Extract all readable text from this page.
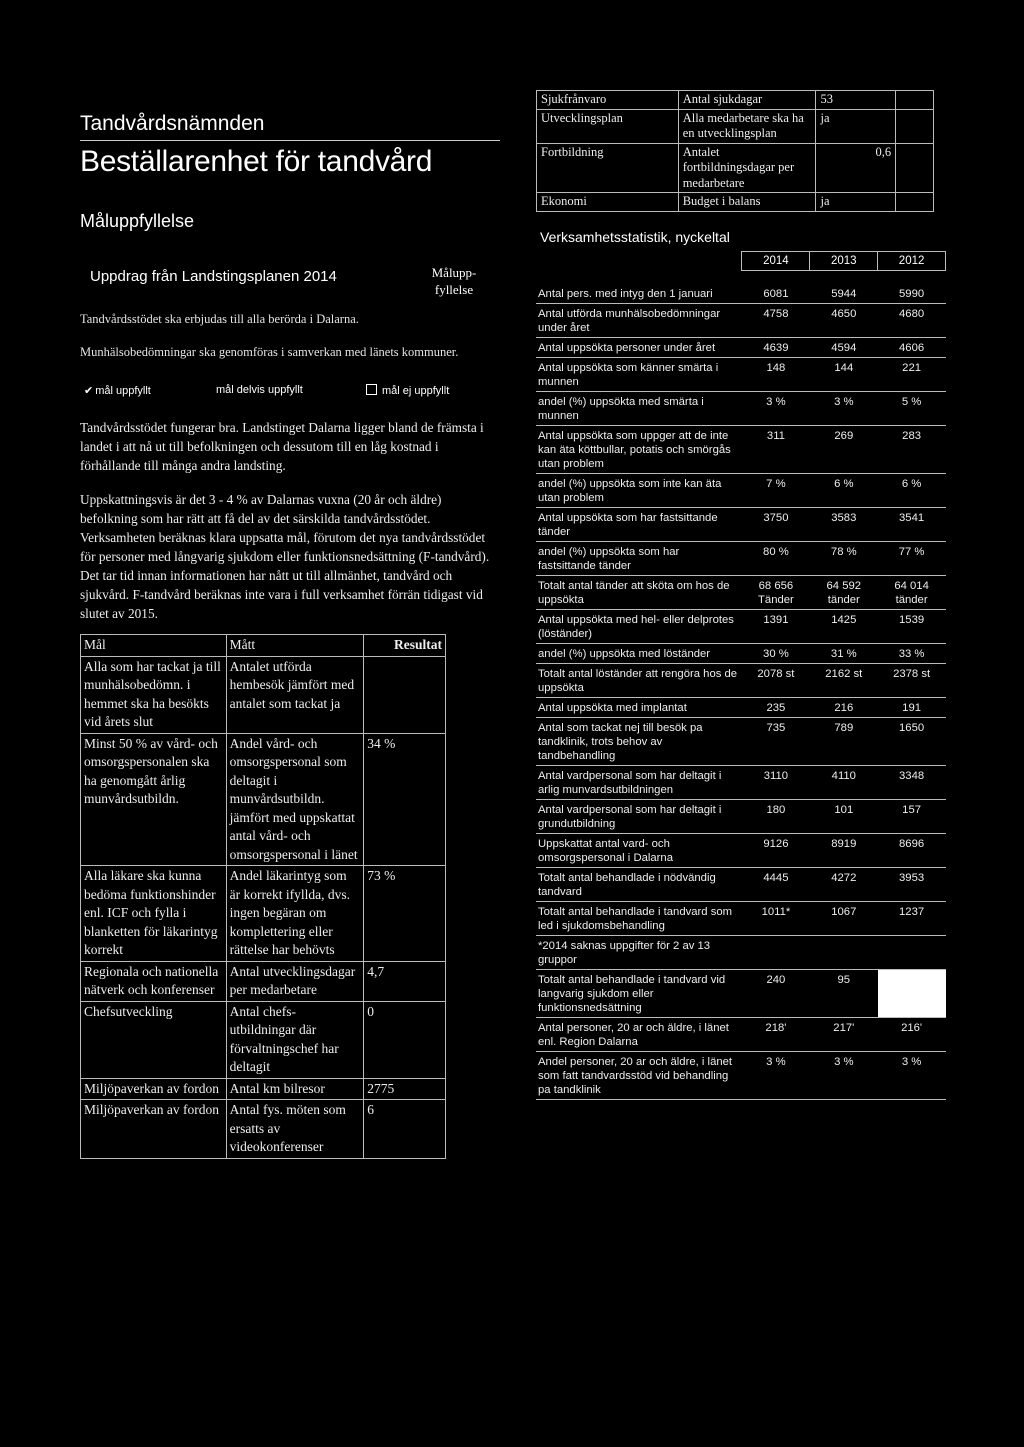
Tandvårdsnämnden
Beställarenhet för tandvård
Måluppfyllelse
Uppdrag från Landstingsplanen 2014	Målupp-
fyllelse

Tandvårdsstödet ska erbjudas till alla berörda i Dalarna.

Munhälsobedömningar ska genomföras i samverkan med länets kommuner.

✔ mål uppfyllt	mål delvis uppfyllt	mål ej uppfyllt

Tandvårdsstödet fungerar bra. Landstinget Dalarna ligger bland de främsta i landet i att nå ut till befolkningen och dessutom till en låg kostnad i förhållande till många andra landsting.

Uppskattningsvis är det 3 - 4 % av Dalarnas vuxna (20 år och äldre) befolkning som har rätt att få del av det särskilda tandvårdsstödet. Verksamheten beräknas klara uppsatta mål, förutom det nya tandvårdsstödet för personer med långvarig sjukdom eller funktionsnedsättning (F-tandvård). Det tar tid innan informationen har nått ut till allmänhet, tandvård och sjukvård. F-tandvård beräknas inte vara i full verksamhet förrän tidigast vid slutet av 2015.

Mål	Mått	Resultat
Alla som har tackat ja till munhälsobedömn. i hemmet ska ha besökts vid årets slut	Antalet utförda hembesök jämfört med antalet som tackat ja	
Minst 50 % av vård- och omsorgspersonalen ska ha genomgått årlig munvårdsutbildn.	Andel vård- och omsorgspersonal som deltagit i munvårdsutbildn. jämfört med uppskattat antal vård- och omsorgspersonal i länet	34 %
Alla läkare ska kunna bedöma funktionshinder enl. ICF och fylla i blanketten för läkarintyg korrekt	Andel läkarintyg som är korrekt ifyllda, dvs. ingen begäran om komplettering eller rättelse har behövts	73 %
Regionala och nationella nätverk och konferenser	Antal utvecklingsdagar per medarbetare	4,7
Chefsutveckling	Antal chefs-utbildningar där förvaltningschef har deltagit	0
Miljöpaverkan av fordon	Antal km bilresor	2775
Miljöpaverkan av fordon	Antal fys. möten som ersatts av videokonferenser	6
Sjukfrånvaro	Antal sjukdagar	53	
Utvecklingsplan	Alla medarbetare ska ha en utvecklingsplan	ja	
Fortbildning	Antalet fortbildningsdagar per medarbetare	0,6	
Ekonomi	Budget i balans	ja	
Verksamhetsstatistik, nyckeltal
	2014	2013	2012

Antal pers. med intyg den 1 januari	6081	5944	5990
Antal utförda munhälsobedömningar under året	4758	4650	4680
Antal uppsökta personer under året	4639	4594	4606
Antal uppsökta som känner smärta i munnen	148	144	221
andel (%) uppsökta med smärta i munnen	3 %	3 %	5 %
Antal uppsökta som uppger att de inte kan äta köttbullar, potatis och smörgås utan problem	311	269	283
andel (%) uppsökta som inte kan äta utan problem	7 %	6 %	6 %
Antal uppsökta som har fastsittande tänder	3750	3583	3541
andel (%) uppsökta som har fastsittande tänder	80 %	78 %	77 %
Totalt antal tänder att sköta om hos de uppsökta	68 656 Tänder	64 592 tänder	64 014 tänder
Antal uppsökta med hel- eller delprotes (löständer)	1391	1425	1539
andel (%) uppsökta med löständer	30 %	31 %	33 %
Totalt antal löständer att rengöra hos de uppsökta	2078 st	2162 st	2378 st
Antal uppsökta med implantat	235	216	191
Antal som tackat nej till besök pa tandklinik, trots behov av tandbehandling	735	789	1650
Antal vardpersonal som har deltagit i arlig munvardsutbildningen	3110	4110	3348
Antal vardpersonal som har deltagit i grundutbildning	180	101	157
Uppskattat antal vard- och omsorgspersonal i Dalarna	9126	8919	8696
Totalt antal behandlade i nödvändig tandvard	4445	4272	3953
Totalt antal behandlade i tandvard som led i sjukdomsbehandling	1011*	1067	1237
*2014 saknas uppgifter för 2 av 13 gruppor			
Totalt antal behandlade i tandvard vid langvarig sjukdom eller funktionsnedsättning	240	95	
Antal personer, 20 ar och äldre, i länet enl. Region Dalarna	218'	217'	216'
Andel personer, 20 ar och äldre, i länet som fatt tandvardsstöd vid behandling pa tandklinik	3 %	3 %	3 %
